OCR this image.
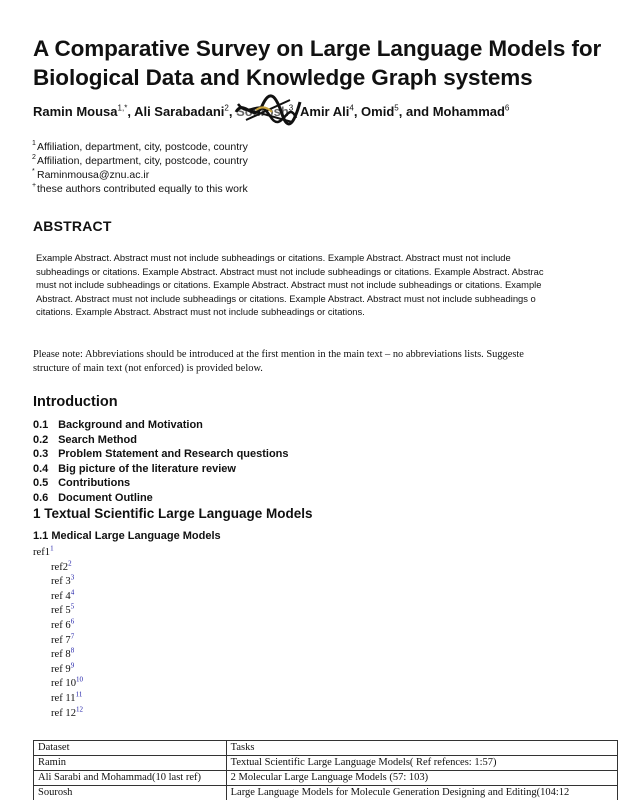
A Comparative Survey on Large Language Models for
Biological Data and Knowledge Graph systems
Ramin Mousa$^{1,*}$, Ali Sarabadani$^2$, Sourosh
$^3$, Amir Ali$^4$, Omid$^5$, and Mohammad$^6$
1 Affiliation, department, city, postcode, country
2 Affiliation, department, city, postcode, country
* Raminmousa@znu.ac.ir
+ these authors contributed equally to this work
ABSTRACT
Example Abstract. Abstract must not include subheadings or citations. Example Abstract. Abstract must not include
subheadings or citations. Example Abstract. Abstract must not include subheadings or citations. Example Abstract. Abstrac
must not include subheadings or citations. Example Abstract. Abstract must not include subheadings or citations. Example
Abstract. Abstract must not include subheadings or citations. Example Abstract. Abstract must not include subheadings o
citations. Example Abstract. Abstract must not include subheadings or citations.
Please note: Abbreviations should be introduced at the first mention in the main text – no abbreviations lists. Suggeste
structure of main text (not enforced) is provided below.
Introduction
0.1 Background and Motivation
0.2 Search Method
0.3 Problem Statement and Research questions
0.4 Big picture of the literature review
0.5 Contributions
0.6 Document Outline
1 Textual Scientific Large Language Models
1.1 Medical Large Language Models
$ref1^1$
$ref2^2$
ref $3^3$
ref $4^4$
ref $5^5$
ref $6^6$
ref $7^7$
ref $8^8$
ref $9^9$
ref $10^{10}$
ref $11^{11}$
ref $12^{12}$
Dataset	Tasks
Ramin	Textual Scientific Large Language Models( Ref refences: 1:57)
Ali Sarabi and Mohammad(10 last ref)	2 Molecular Large Language Models (57: 103)
Sourosh	Large Language Models for Molecule Generation Designing and Editing(104:12
